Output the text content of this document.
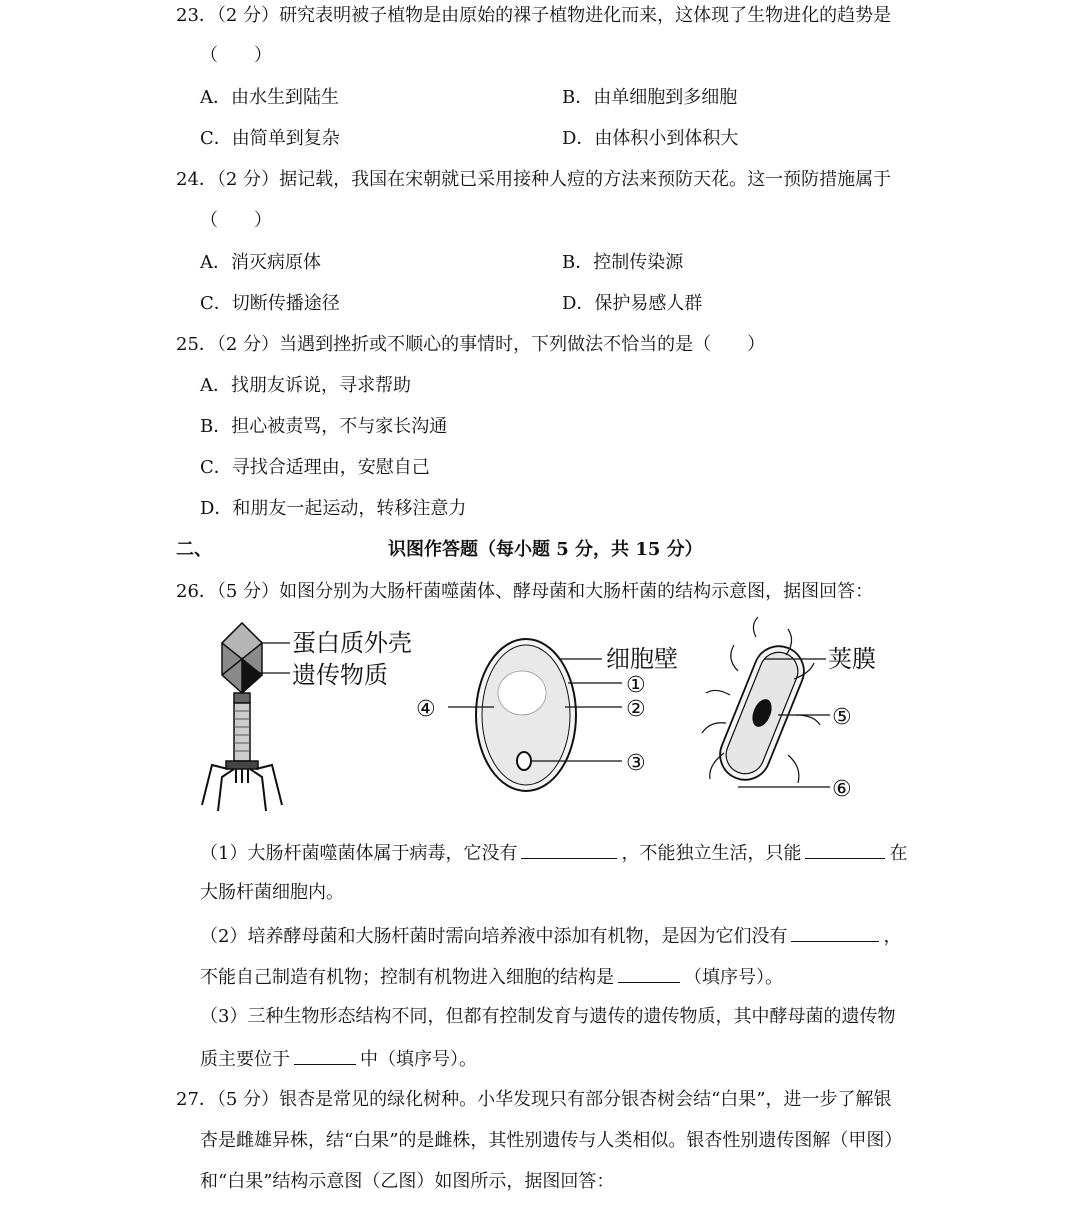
23．（2 分）研究表明被子植物是由原始的裸子植物进化而来，这体现了生物进化的趋势是
（　　）
A．由水生到陆生	B．由单细胞到多细胞
C．由简单到复杂	D．由体积小到体积大
24．（2 分）据记载，我国在宋朝就已采用接种人痘的方法来预防天花。这一预防措施属于
（　　）
A．消灭病原体	B．控制传染源
C．切断传播途径	D．保护易感人群
25．（2 分）当遇到挫折或不顺心的事情时，下列做法不恰当的是（　　）
A．找朋友诉说，寻求帮助
B．担心被责骂，不与家长沟通
C．寻找合适理由，安慰自己
D．和朋友一起运动，转移注意力
二、	识图作答题（每小题 5 分，共 15 分）
26．（5 分）如图分别为大肠杆菌噬菌体、酵母菌和大肠杆菌的结构示意图，据图回答：
蛋白质外壳
遗传物质
细胞壁
①
②
③
④
荚膜
⑤
⑥
（1）大肠杆菌噬菌体属于病毒，它没有	，不能独立生活，只能	在
大肠杆菌细胞内。
（2）培养酵母菌和大肠杆菌时需向培养液中添加有机物，是因为它们没有	，
不能自己制造有机物；控制有机物进入细胞的结构是	（填序号）。
（3）三种生物形态结构不同，但都有控制发育与遗传的遗传物质，其中酵母菌的遗传物
质主要位于	中（填序号）。
27．（5 分）银杏是常见的绿化树种。小华发现只有部分银杏树会结“白果”，进一步了解银
杏是雌雄异株，结“白果”的是雌株，其性别遗传与人类相似。银杏性别遗传图解（甲图）
和“白果”结构示意图（乙图）如图所示，据图回答：
